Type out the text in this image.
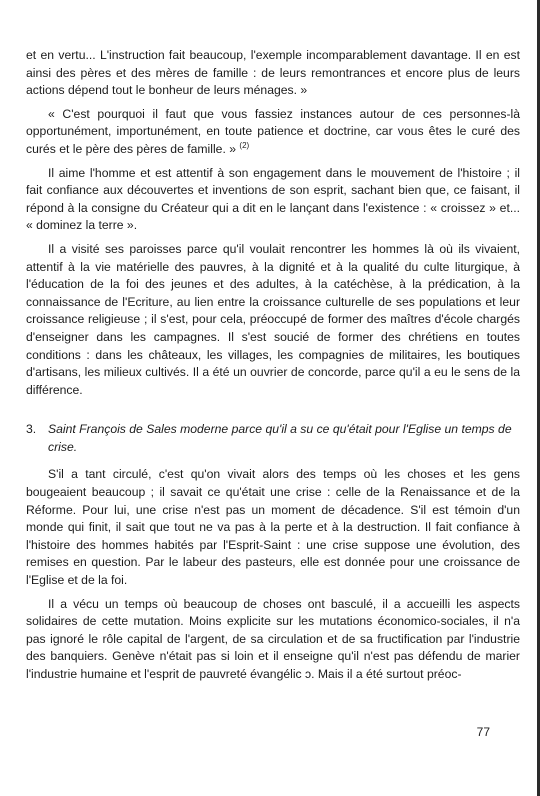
et en vertu... L'instruction fait beaucoup, l'exemple incomparablement davantage. Il en est ainsi des pères et des mères de famille : de leurs remontrances et encore plus de leurs actions dépend tout le bonheur de leurs ménages. »

« C'est pourquoi il faut que vous fassiez instances autour de ces personnes-là opportunément, importunément, en toute patience et doctrine, car vous êtes le curé des curés et le père des pères de famille. » $^{(2)}$

Il aime l'homme et est attentif à son engagement dans le mouvement de l'histoire ; il fait confiance aux découvertes et inventions de son esprit, sachant bien que, ce faisant, il répond à la consigne du Créateur qui a dit en le lançant dans l'existence : « croissez » et... « dominez la terre ».

Il a visité ses paroisses parce qu'il voulait rencontrer les hommes là où ils vivaient, attentif à la vie matérielle des pauvres, à la dignité et à la qualité du culte liturgique, à l'éducation de la foi des jeunes et des adultes, à la catéchèse, à la prédication, à la connaissance de l'Ecriture, au lien entre la croissance culturelle de ses populations et leur croissance religieuse ; il s'est, pour cela, préoccupé de former des maîtres d'école chargés d'enseigner dans les campagnes. Il s'est soucié de former des chrétiens en toutes conditions : dans les châteaux, les villages, les compagnies de militaires, les boutiques d'artisans, les milieux cultivés. Il a été un ouvrier de concorde, parce qu'il a eu le sens de la différence.

3. Saint François de Sales moderne parce qu'il a su ce qu'était pour l'Eglise un temps de crise.

S'il a tant circulé, c'est qu'on vivait alors des temps où les choses et les gens bougeaient beaucoup ; il savait ce qu'était une crise : celle de la Renaissance et de la Réforme. Pour lui, une crise n'est pas un moment de décadence. S'il est témoin d'un monde qui finit, il sait que tout ne va pas à la perte et à la destruction. Il fait confiance à l'histoire des hommes habités par l'Esprit-Saint : une crise suppose une évolution, des remises en question. Par le labeur des pasteurs, elle est donnée pour une croissance de l'Eglise et de la foi.

Il a vécu un temps où beaucoup de choses ont basculé, il a accueilli les aspects solidaires de cette mutation. Moins explicite sur les mutations économico-sociales, il n'a pas ignoré le rôle capital de l'argent, de sa circulation et de sa fructification par l'industrie des banquiers. Genève n'était pas si loin et il enseigne qu'il n'est pas défendu de marier l'industrie humaine et l'esprit de pauvreté évangélic ɔ. Mais il a été surtout préoc-

77
